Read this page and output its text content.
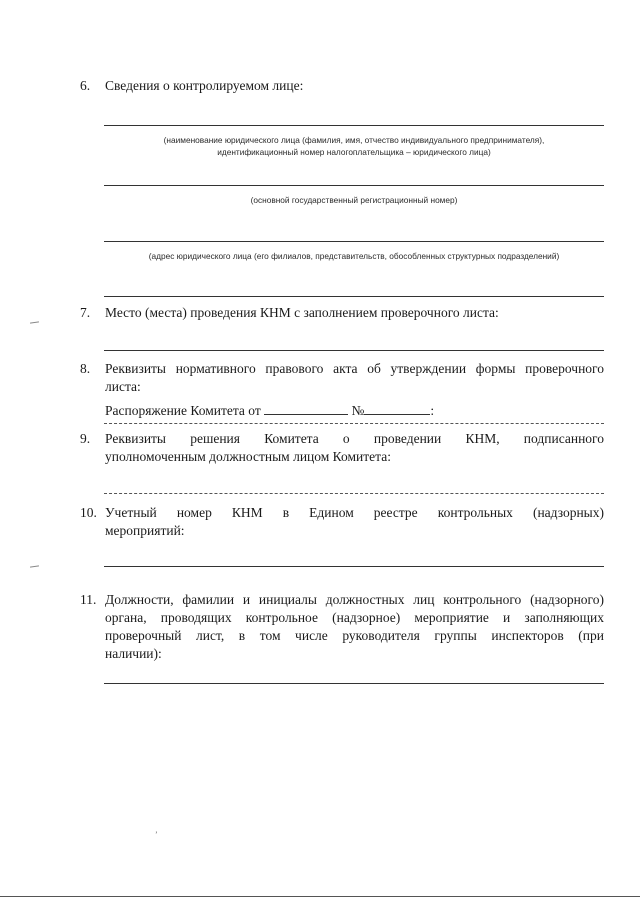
6. Сведения о контролируемом лице:
(наименование юридического лица (фамилия, имя, отчество индивидуального предпринимателя),
идентификационный номер налогоплательщика – юридического лица)
(основной государственный регистрационный номер)
(адрес юридического лица (его филиалов, представительств, обособленных структурных подразделений)
7. Место (места) проведения КНМ с заполнением проверочного листа:
8. Реквизиты нормативного правового акта об утверждении формы проверочного
листа:
Распоряжение Комитета от	№	:
9. Реквизиты решения Комитета о проведении КНМ, подписанного
уполномоченным должностным лицом Комитета:
10. Учетный номер КНМ в Едином реестре контрольных (надзорных)
мероприятий:
11. Должности, фамилии и инициалы должностных лиц контрольного (надзорного)
органа, проводящих контрольное (надзорное) мероприятие и заполняющих
проверочный лист, в том числе руководителя группы инспекторов (при
наличии):
ʼ
